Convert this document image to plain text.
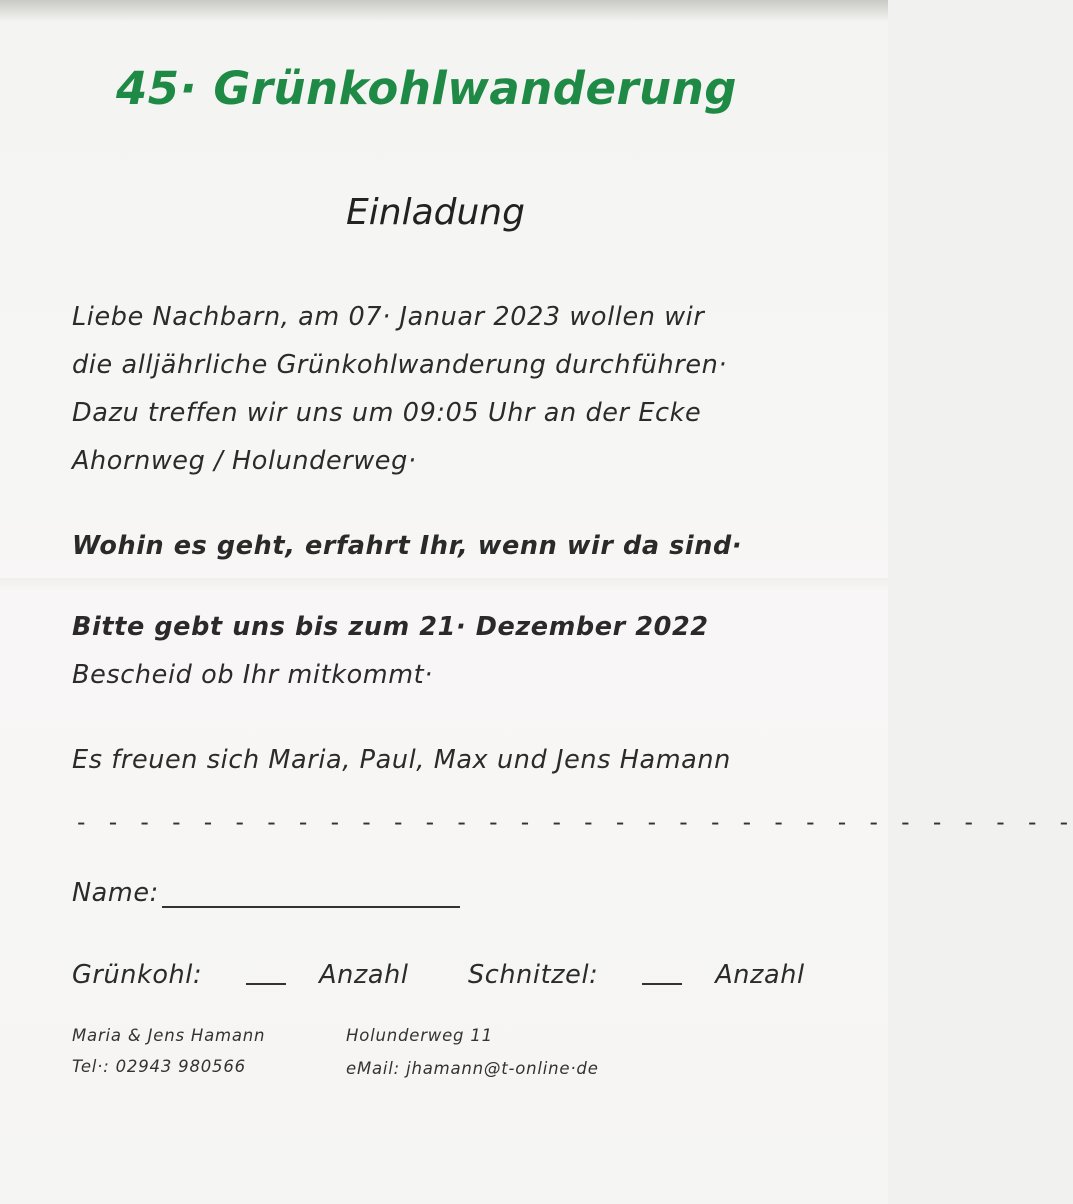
45· Grünkohlwanderung
Einladung
Liebe Nachbarn, am 07· Januar 2023 wollen wir
die alljährliche Grünkohlwanderung durchführen·
Dazu treffen wir uns um 09:05 Uhr an der Ecke
Ahornweg / Holunderweg·
Wohin es geht, erfahrt Ihr, wenn wir da sind·
Bitte gebt uns bis zum 21· Dezember 2022
Bescheid ob Ihr mitkommt·
Es freuen sich Maria, Paul, Max und Jens Hamann
- - - - - - - - - - - - - - - - - - - - - - - - - - - - - - - -
Name:
Grünkohl:	Anzahl Schnitzel:	Anzahl
Maria & Jens Hamann
Tel·: 02943 980566
Holunderweg 11
eMail: jhamann@t-online·de
